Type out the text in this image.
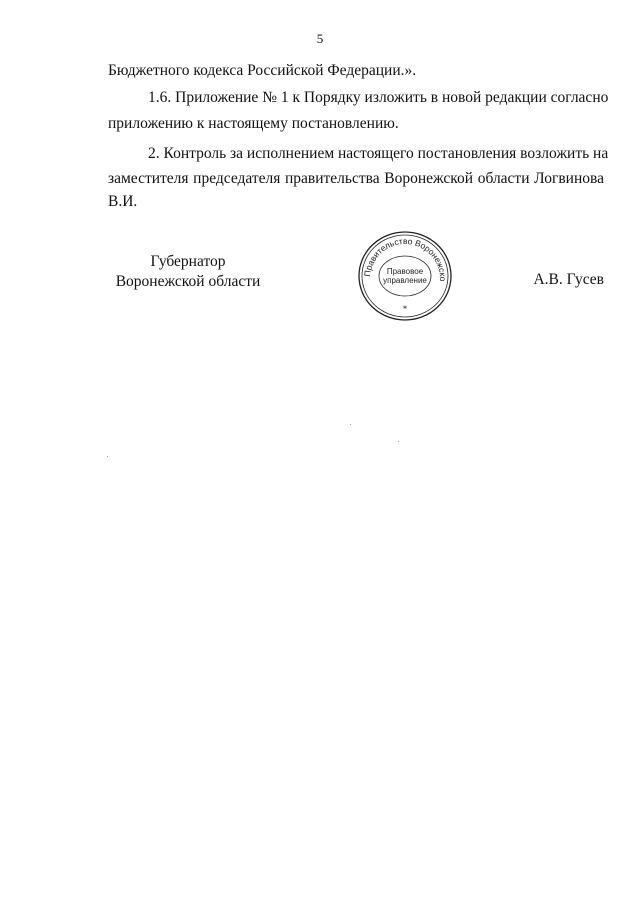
5
Бюджетного кодекса Российской Федерации.».
1.6. Приложение № 1 к Порядку изложить в новой редакции согласно
приложению к настоящему постановлению.
2. Контроль за исполнением настоящего постановления возложить на
заместителя председателя правительства Воронежской области Логвинова
В.И.
Губернатор
Воронежской области	Правительство Воронежско
*
Правовое
управление	А.В. Гусев
